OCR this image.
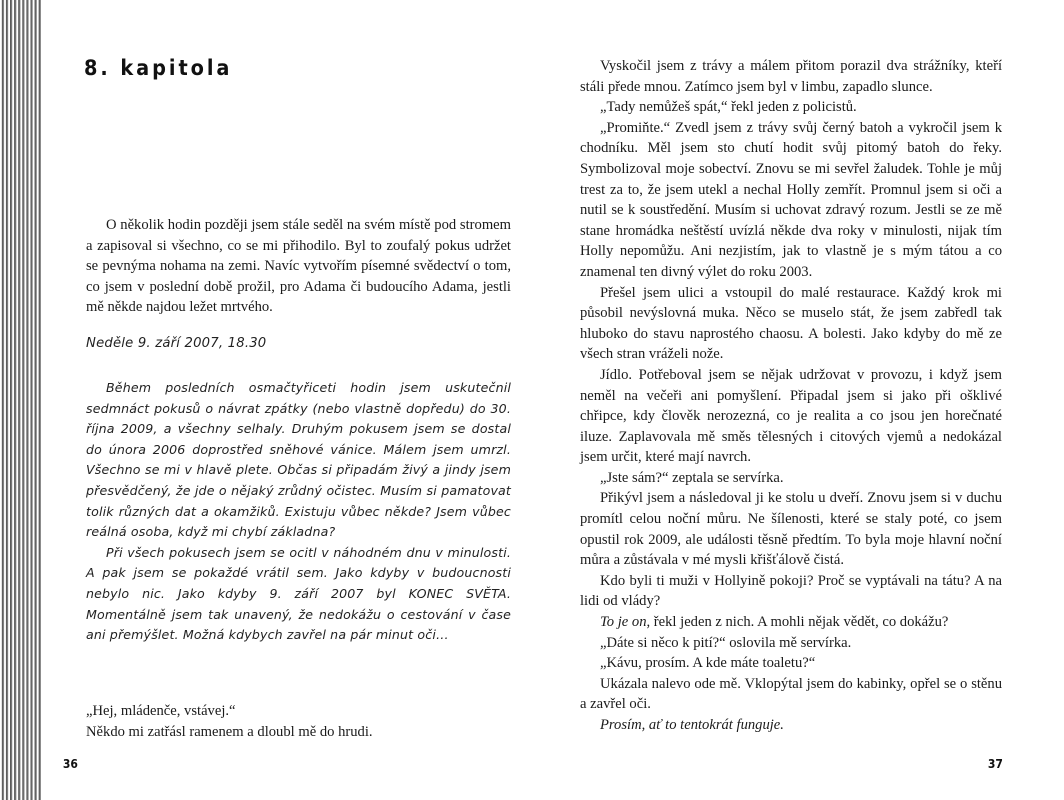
8. kapitola

O několik hodin později jsem stále seděl na svém místě pod stromem a zapisoval si všechno, co se mi přihodilo. Byl to zoufalý pokus udržet se pevnýma nohama na zemi. Navíc vytvořím písemné svědectví o tom, co jsem v poslední době prožil, pro Adama či budoucího Adama, jestli mě někde najdou ležet mrtvého.

Neděle 9. září 2007, 18.30

Během posledních osmačtyřiceti hodin jsem uskutečnil sedmnáct pokusů o návrat zpátky (nebo vlastně dopředu) do 30. října 2009, a všechny selhaly. Druhým pokusem jsem se dostal do února 2006 doprostřed sněhové vánice. Málem jsem umrzl. Všechno se mi v hlavě plete. Občas si připadám živý a jindy jsem přesvědčený, že jde o nějaký zrůdný očistec. Musím si pamatovat tolik různých dat a okamžiků. Existuju vůbec někde? Jsem vůbec reálná osoba, když mi chybí základna?

Při všech pokusech jsem se ocitl v náhodném dnu v minulosti. A pak jsem se pokaždé vrátil sem. Jako kdyby v budoucnosti nebylo nic. Jako kdyby 9. září 2007 byl KONEC SVĚTA. Momentálně jsem tak unavený, že nedokážu o cestování v čase ani přemýšlet. Možná kdybych zavřel na pár minut oči…

„Hej, mládenče, vstávej.“

Někdo mi zatřásl ramenem a dloubl mě do hrudi.

36

Vyskočil jsem z trávy a málem přitom porazil dva strážníky, kteří stáli přede mnou. Zatímco jsem byl v limbu, zapadlo slunce.

„Tady nemůžeš spát,“ řekl jeden z policistů.

„Promiňte.“ Zvedl jsem z trávy svůj černý batoh a vykročil jsem k chodníku. Měl jsem sto chutí hodit svůj pitomý batoh do řeky. Symbolizoval moje sobectví. Znovu se mi sevřel žaludek. Tohle je můj trest za to, že jsem utekl a nechal Holly zemřít. Promnul jsem si oči a nutil se k soustředění. Musím si uchovat zdravý rozum. Jestli se ze mě stane hromádka neštěstí uvízlá někde dva roky v minulosti, nijak tím Holly nepomůžu. Ani nezjistím, jak to vlastně je s mým tátou a co znamenal ten divný výlet do roku 2003.

Přešel jsem ulici a vstoupil do malé restaurace. Každý krok mi působil nevýslovná muka. Něco se muselo stát, že jsem zabředl tak hluboko do stavu naprostého chaosu. A bolesti. Jako kdyby do mě ze všech stran vráželi nože.

Jídlo. Potřeboval jsem se nějak udržovat v provozu, i když jsem neměl na večeři ani pomyšlení. Připadal jsem si jako při ošklivé chřipce, kdy člověk nerozezná, co je realita a co jsou jen horečnaté iluze. Zaplavovala mě směs tělesných i citových vjemů a nedokázal jsem určit, které mají navrch.

„Jste sám?“ zeptala se servírka.

Přikývl jsem a následoval ji ke stolu u dveří. Znovu jsem si v duchu promítl celou noční můru. Ne šílenosti, které se staly poté, co jsem opustil rok 2009, ale události těsně předtím. To byla moje hlavní noční můra a zůstávala v mé mysli křišťálově čistá.

Kdo byli ti muži v Hollyině pokoji? Proč se vyptávali na tátu? A na lidi od vlády?

To je on, řekl jeden z nich. A mohli nějak vědět, co dokážu?

„Dáte si něco k pití?“ oslovila mě servírka.

„Kávu, prosím. A kde máte toaletu?“

Ukázala nalevo ode mě. Vklopýtal jsem do kabinky, opřel se o stěnu a zavřel oči.

Prosím, ať to tentokrát funguje.

37
